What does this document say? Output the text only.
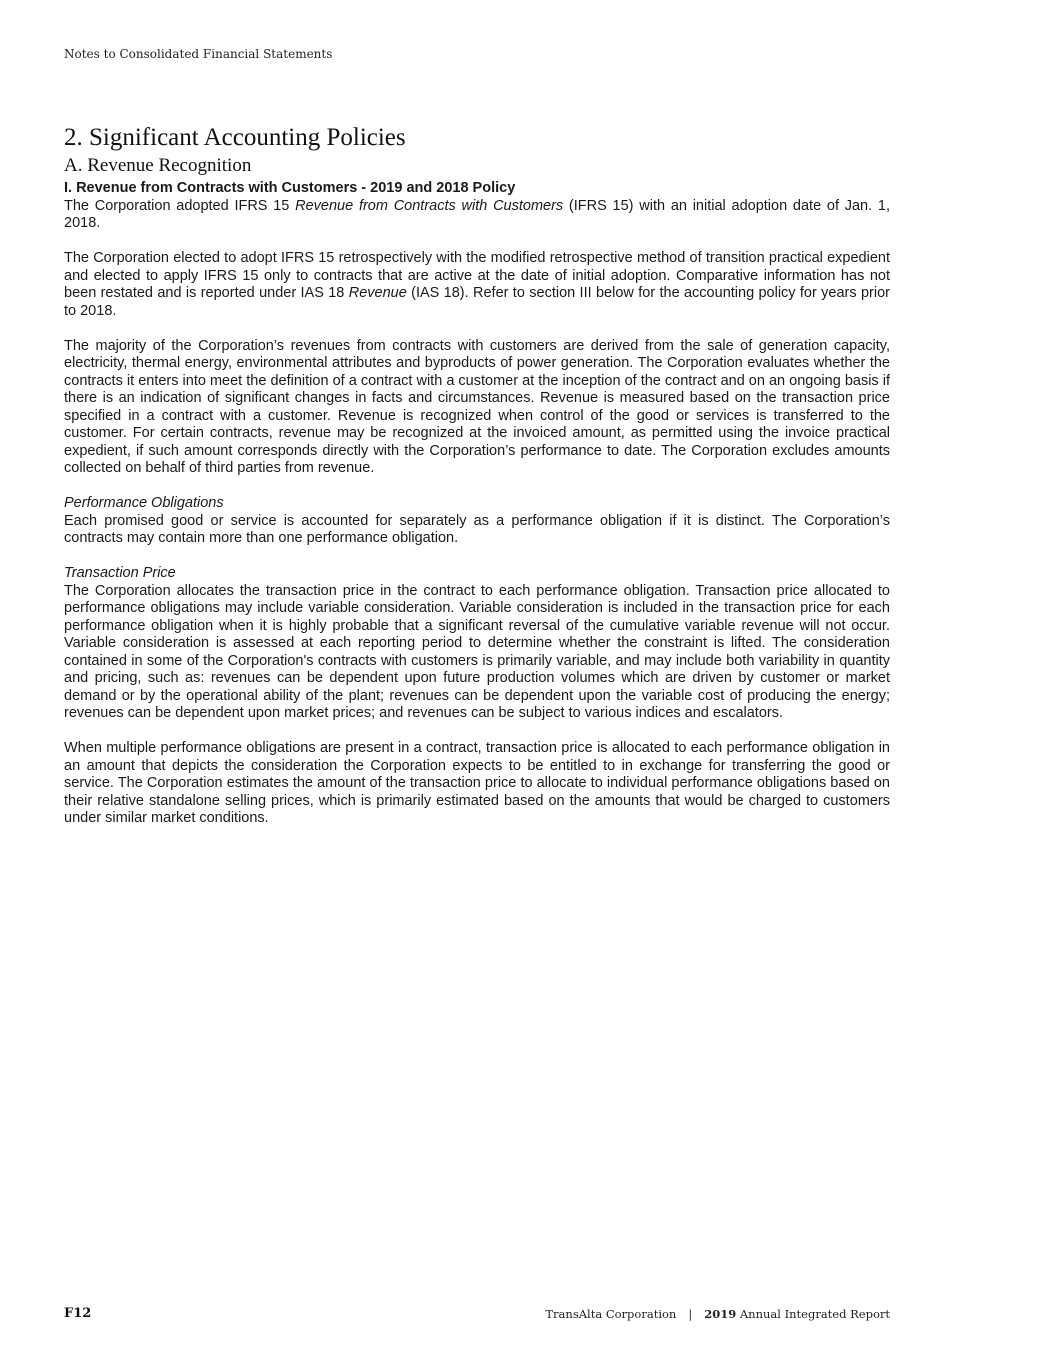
Notes to Consolidated Financial Statements
2. Significant Accounting Policies
A. Revenue Recognition
I. Revenue from Contracts with Customers - 2019 and 2018 Policy

The Corporation adopted IFRS 15 Revenue from Contracts with Customers (IFRS 15) with an initial adoption date of Jan. 1, 2018.

The Corporation elected to adopt IFRS 15 retrospectively with the modified retrospective method of transition practical expedient and elected to apply IFRS 15 only to contracts that are active at the date of initial adoption. Comparative information has not been restated and is reported under IAS 18 Revenue (IAS 18). Refer to section III below for the accounting policy for years prior to 2018.

The majority of the Corporation’s revenues from contracts with customers are derived from the sale of generation capacity, electricity, thermal energy, environmental attributes and byproducts of power generation. The Corporation evaluates whether the contracts it enters into meet the definition of a contract with a customer at the inception of the contract and on an ongoing basis if there is an indication of significant changes in facts and circumstances. Revenue is measured based on the transaction price specified in a contract with a customer. Revenue is recognized when control of the good or services is transferred to the customer. For certain contracts, revenue may be recognized at the invoiced amount, as permitted using the invoice practical expedient, if such amount corresponds directly with the Corporation’s performance to date. The Corporation excludes amounts collected on behalf of third parties from revenue.

Performance Obligations

Each promised good or service is accounted for separately as a performance obligation if it is distinct. The Corporation’s contracts may contain more than one performance obligation.

Transaction Price

The Corporation allocates the transaction price in the contract to each performance obligation. Transaction price allocated to performance obligations may include variable consideration. Variable consideration is included in the transaction price for each performance obligation when it is highly probable that a significant reversal of the cumulative variable revenue will not occur. Variable consideration is assessed at each reporting period to determine whether the constraint is lifted. The consideration contained in some of the Corporation's contracts with customers is primarily variable, and may include both variability in quantity and pricing, such as: revenues can be dependent upon future production volumes which are driven by customer or market demand or by the operational ability of the plant; revenues can be dependent upon the variable cost of producing the energy; revenues can be dependent upon market prices; and revenues can be subject to various indices and escalators.

When multiple performance obligations are present in a contract, transaction price is allocated to each performance obligation in an amount that depicts the consideration the Corporation expects to be entitled to in exchange for transferring the good or service. The Corporation estimates the amount of the transaction price to allocate to individual performance obligations based on their relative standalone selling prices, which is primarily estimated based on the amounts that would be charged to customers under similar market conditions.

F12	TransAlta Corporation | 2019 Annual Integrated Report
